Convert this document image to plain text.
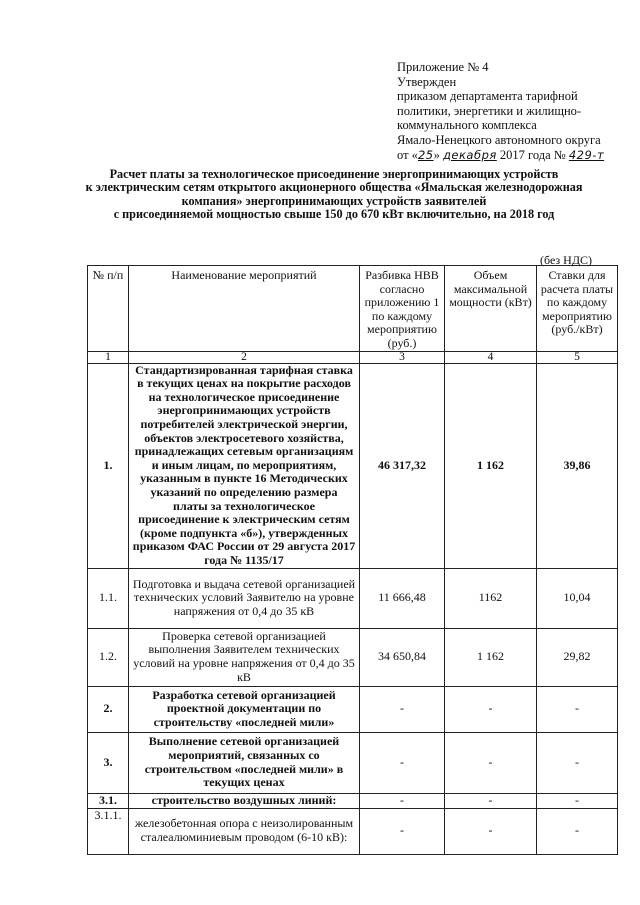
Приложение № 4
Утвержден
приказом департамента тарифной
политики, энергетики и жилищно-
коммунального комплекса
Ямало-Ненецкого автономного округа
от «25» декабря 2017 года № 429-т
Расчет платы за технологическое присоединение энергопринимающих устройств
к электрическим сетям открытого акционерного общества «Ямальская железнодорожная
компания» энергопринимающих устройств заявителей
с присоединяемой мощностью свыше 150 до 670 кВт включительно, на 2018 год
(без НДС)
№ п/п	Наименование мероприятий	Разбивка НВВ согласно приложению 1 по каждому мероприятию (руб.)	Объем максимальной мощности (кВт)	Ставки для расчета платы по каждому мероприятию (руб./кВт)
1	2	3	4	5
1.	Стандартизированная тарифная ставка в текущих ценах на покрытие расходов на технологическое присоединение энергопринимающих устройств потребителей электрической энергии, объектов электросетевого хозяйства, принадлежащих сетевым организациям и иным лицам, по мероприятиям, указанным в пункте 16 Методических указаний по определению размера платы за технологическое присоединение к электрическим сетям (кроме подпункта «б»), утвержденных приказом ФАС России от 29 августа 2017 года № 1135/17	46 317,32	1 162	39,86
1.1.	Подготовка и выдача сетевой организацией технических условий Заявителю на уровне напряжения от 0,4 до 35 кВ	11 666,48	1162	10,04
1.2.	Проверка сетевой организацией выполнения Заявителем технических условий на уровне напряжения от 0,4 до 35 кВ	34 650,84	1 162	29,82
2.	Разработка сетевой организацией проектной документации по строительству «последней мили»	-	-	-
3.	Выполнение сетевой организацией мероприятий, связанных со строительством «последней мили» в текущих ценах	-	-	-
3.1.	строительство воздушных линий:	-	-	-
3.1.1.	железобетонная опора с неизолированным сталеалюминиевым проводом (6-10 кВ):	-	-	-
